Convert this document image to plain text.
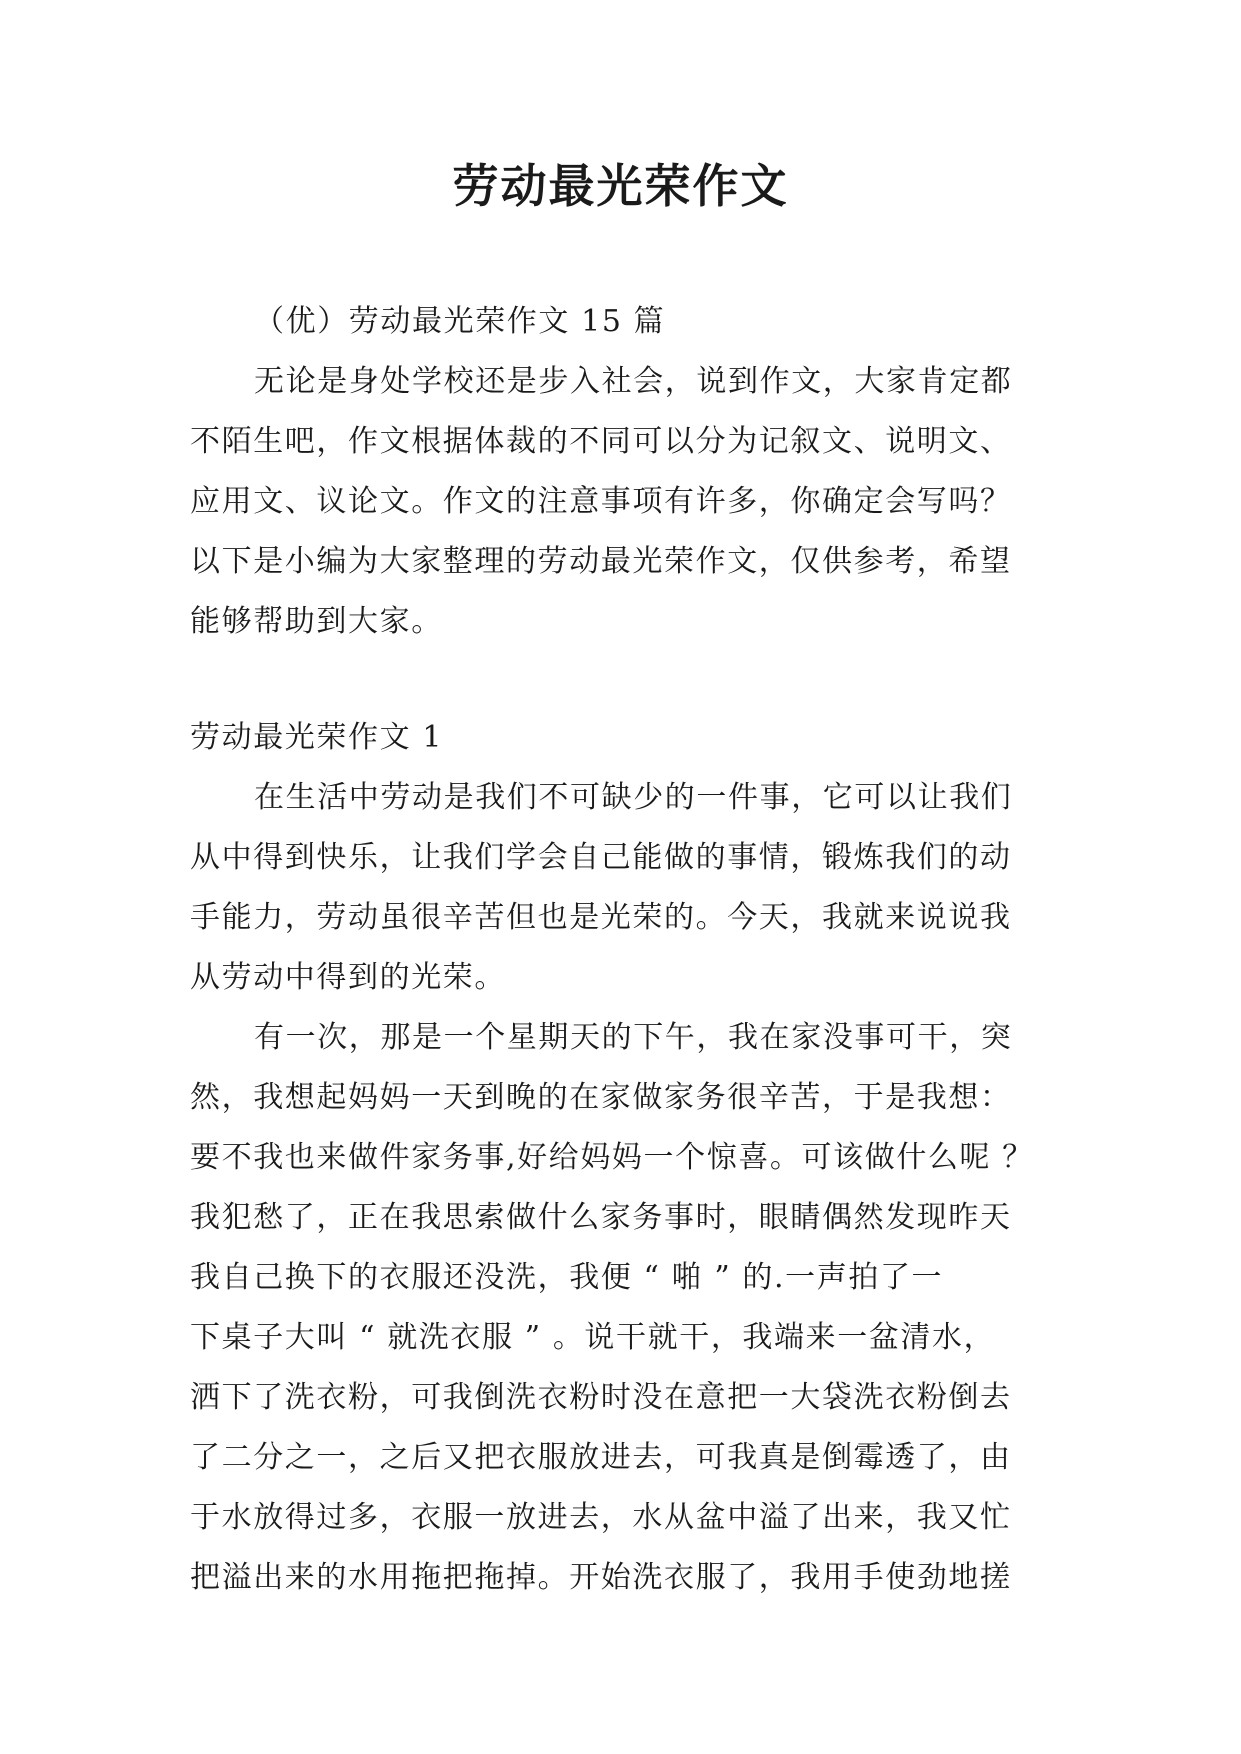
劳动最光荣作文
（优）劳动最光荣作文 15 篇
无论是身处学校还是步入社会，说到作文，大家肯定都
不陌生吧，作文根据体裁的不同可以分为记叙文、说明文、
应用文、议论文。作文的注意事项有许多，你确定会写吗？
以下是小编为大家整理的劳动最光荣作文，仅供参考，希望
能够帮助到大家。
劳动最光荣作文 1
在生活中劳动是我们不可缺少的一件事，它可以让我们
从中得到快乐，让我们学会自己能做的事情，锻炼我们的动
手能力，劳动虽很辛苦但也是光荣的。今天，我就来说说我
从劳动中得到的光荣。
有一次，那是一个星期天的下午，我在家没事可干，突
然，我想起妈妈一天到晚的在家做家务很辛苦，于是我想：
要不我也来做件家务事,好给妈妈一个惊喜。可该做什么呢 ？
我犯愁了，正在我思索做什么家务事时，眼睛偶然发现昨天
我自己换下的衣服还没洗，我便 “ 啪 ” 的.一声拍了一
下桌子大叫 “ 就洗衣服 ” 。说干就干，我端来一盆清水，
洒下了洗衣粉，可我倒洗衣粉时没在意把一大袋洗衣粉倒去
了二分之一，之后又把衣服放进去，可我真是倒霉透了，由
于水放得过多，衣服一放进去，水从盆中溢了出来，我又忙
把溢出来的水用拖把拖掉。开始洗衣服了，我用手使劲地搓
